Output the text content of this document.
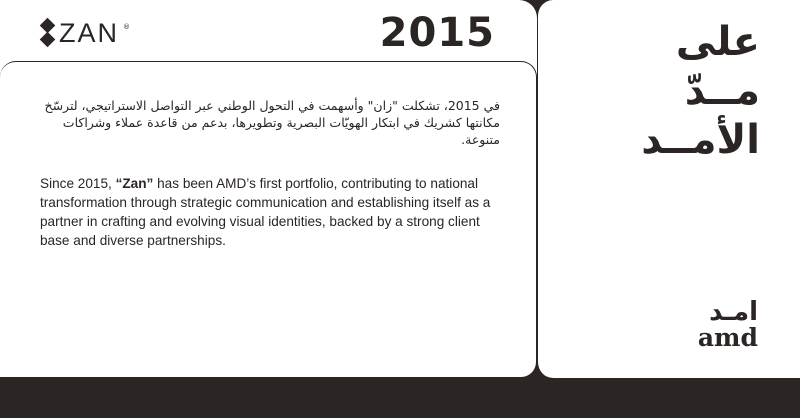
ZAN ®	2015

في 2015، تشكلت "زان" وأسهمت في التحول الوطني عبر التواصل الاستراتيجي، لترسّخ مكانتها كشريك في ابتكار الهويّات البصرية وتطويرها، بدعم من قاعدة عملاء وشراكات متنوعة.

Since 2015, “Zan” has been AMD’s first portfolio, contributing to national transformation through strategic communication and establishing itself as a partner in crafting and evolving visual identities, backed by a strong client base and diverse partnerships.

على
مــدّ
الأمــد
امـد
amd
